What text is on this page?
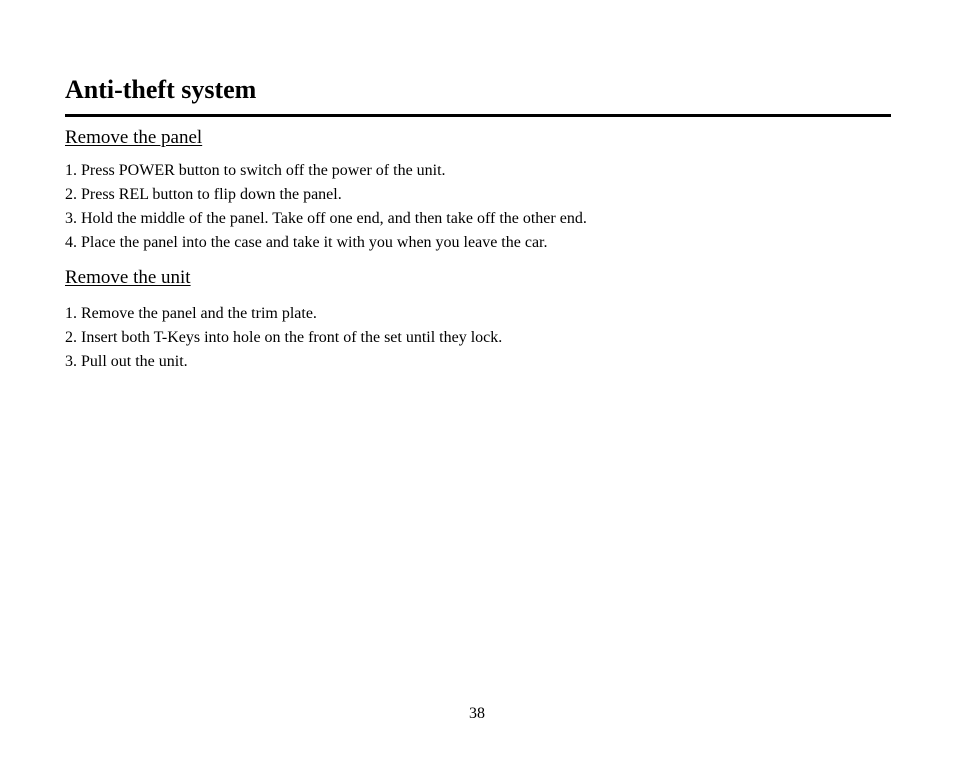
Anti-theft system
Remove the panel
1. Press POWER button to switch off the power of the unit.
2. Press REL button to flip down the panel.
3. Hold the middle of the panel. Take off one end, and then take off the other end.
4. Place the panel into the case and take it with you when you leave the car.
Remove the unit
1. Remove the panel and the trim plate.
2. Insert both T-Keys into hole on the front of the set until they lock.
3. Pull out the unit.
38
